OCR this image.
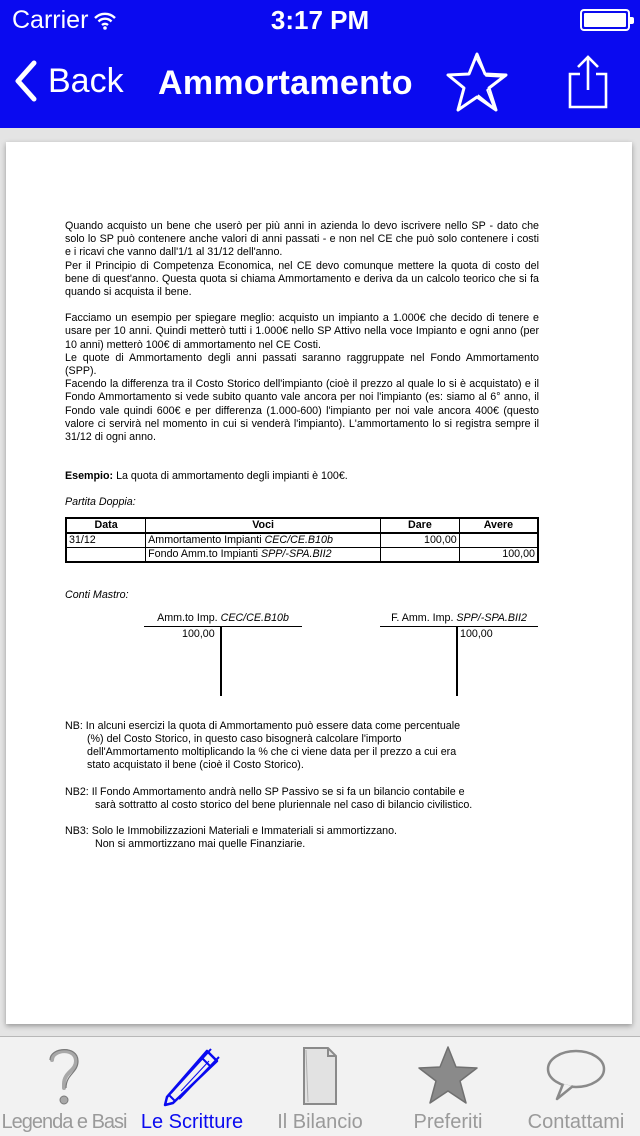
Carrier	3:17 PM
Back Ammortamento

Quando acquisto un bene che userò per più anni in azienda lo devo iscrivere nello SP - dato che solo lo SP può contenere anche valori di anni passati - e non nel CE che può solo contenere i costi e i ricavi che vanno dall'1/1 al 31/12 dell'anno.

Per il Principio di Competenza Economica, nel CE devo comunque mettere la quota di costo del bene di quest'anno. Questa quota si chiama Ammortamento e deriva da un calcolo teorico che si fa quando si acquista il bene.

Facciamo un esempio per spiegare meglio: acquisto un impianto a 1.000€ che decido di tenere e usare per 10 anni. Quindi metterò tutti i 1.000€ nello SP Attivo nella voce Impianto e ogni anno (per 10 anni) metterò 100€ di ammortamento nel CE Costi.

Le quote di Ammortamento degli anni passati saranno raggruppate nel Fondo Ammortamento (SPP).

Facendo la differenza tra il Costo Storico dell'impianto (cioè il prezzo al quale lo si è acquistato) e il Fondo Ammortamento si vede subito quanto vale ancora per noi l'impianto (es: siamo al 6° anno, il Fondo vale quindi 600€ e per differenza (1.000-600) l'impianto per noi vale ancora 400€ (questo valore ci servirà nel momento in cui si venderà l'impianto). L'ammortamento lo si registra sempre il 31/12 di ogni anno.

Esempio: La quota di ammortamento degli impianti è 100€.

Partita Doppia:

Data	Voci	Dare	Avere
31/12	Ammortamento Impianti CEC/CE.B10b	100,00	
	Fondo Amm.to Impianti SPP/-SPA.BII2		100,00

Conti Mastro:

Amm.to Imp. CEC/CE.B10b
100,00
F. Amm. Imp. SPP/-SPA.BII2
100,00
NB: In alcuni esercizi la quota di Ammortamento può essere data come percentuale
(%) del Costo Storico, in questo caso bisognerà calcolare l'importo
dell'Ammortamento moltiplicando la % che ci viene data per il prezzo a cui era
stato acquistato il bene (cioè il Costo Storico).
NB2: Il Fondo Ammortamento andrà nello SP Passivo se si fa un bilancio contabile e
sarà sottratto al costo storico del bene pluriennale nel caso di bilancio civilistico.
NB3: Solo le Immobilizzazioni Materiali e Immateriali si ammortizzano.
Non si ammortizzano mai quelle Finanziarie.
Legenda e Basi Le Scritture	Il Bilancio	Preferiti	Contattami
